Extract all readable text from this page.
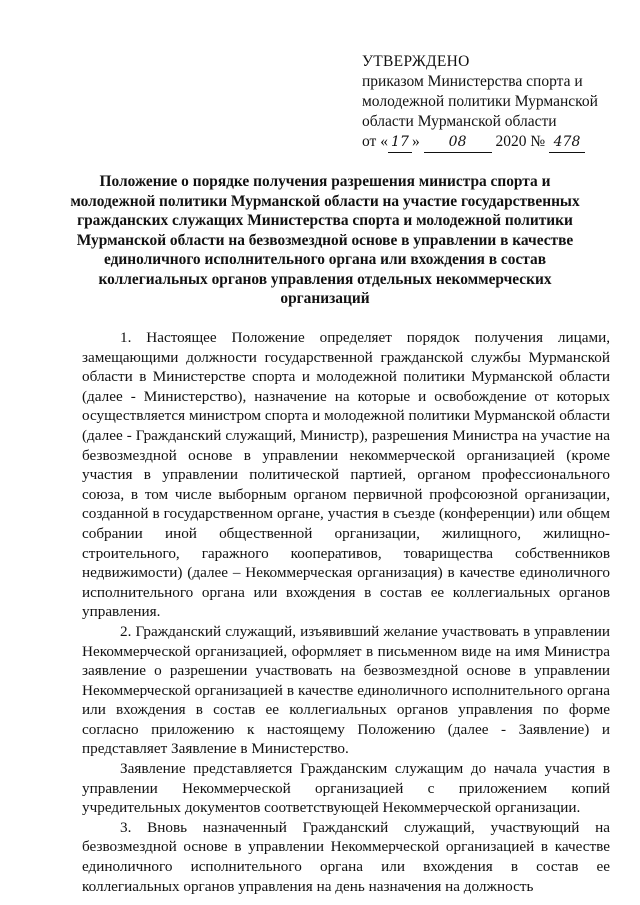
УТВЕРЖДЕНО
приказом Министерства спорта и
молодежной политики Мурманской
области Мурманской области
от « 17 » 08 2020 № 478
Положение о порядке получения разрешения министра спорта и молодежной политики Мурманской области на участие государственных гражданских служащих Министерства спорта и молодежной политики Мурманской области на безвозмездной основе в управлении в качестве единоличного исполнительного органа или вхождения в состав коллегиальных органов управления отдельных некоммерческих организаций

1. Настоящее Положение определяет порядок получения лицами, замещающими должности государственной гражданской службы Мурманской области в Министерстве спорта и молодежной политики Мурманской области (далее - Министерство), назначение на которые и освобождение от которых осуществляется министром спорта и молодежной политики Мурманской области (далее - Гражданский служащий, Министр), разрешения Министра на участие на безвозмездной основе в управлении некоммерческой организацией (кроме участия в управлении политической партией, органом профессионального союза, в том числе выборным органом первичной профсоюзной организации, созданной в государственном органе, участия в съезде (конференции) или общем собрании иной общественной организации, жилищного, жилищно-строительного, гаражного кооперативов, товарищества собственников недвижимости) (далее – Некоммерческая организация) в качестве единоличного исполнительного органа или вхождения в состав ее коллегиальных органов управления.

2. Гражданский служащий, изъявивший желание участвовать в управлении Некоммерческой организацией, оформляет в письменном виде на имя Министра заявление о разрешении участвовать на безвозмездной основе в управлении Некоммерческой организацией в качестве единоличного исполнительного органа или вхождения в состав ее коллегиальных органов управления по форме согласно приложению к настоящему Положению (далее - Заявление) и представляет Заявление в Министерство.

Заявление представляется Гражданским служащим до начала участия в управлении Некоммерческой организацией с приложением копий учредительных документов соответствующей Некоммерческой организации.

3. Вновь назначенный Гражданский служащий, участвующий на безвозмездной основе в управлении Некоммерческой организацией в качестве единоличного исполнительного органа или вхождения в состав ее коллегиальных органов управления на день назначения на должность
